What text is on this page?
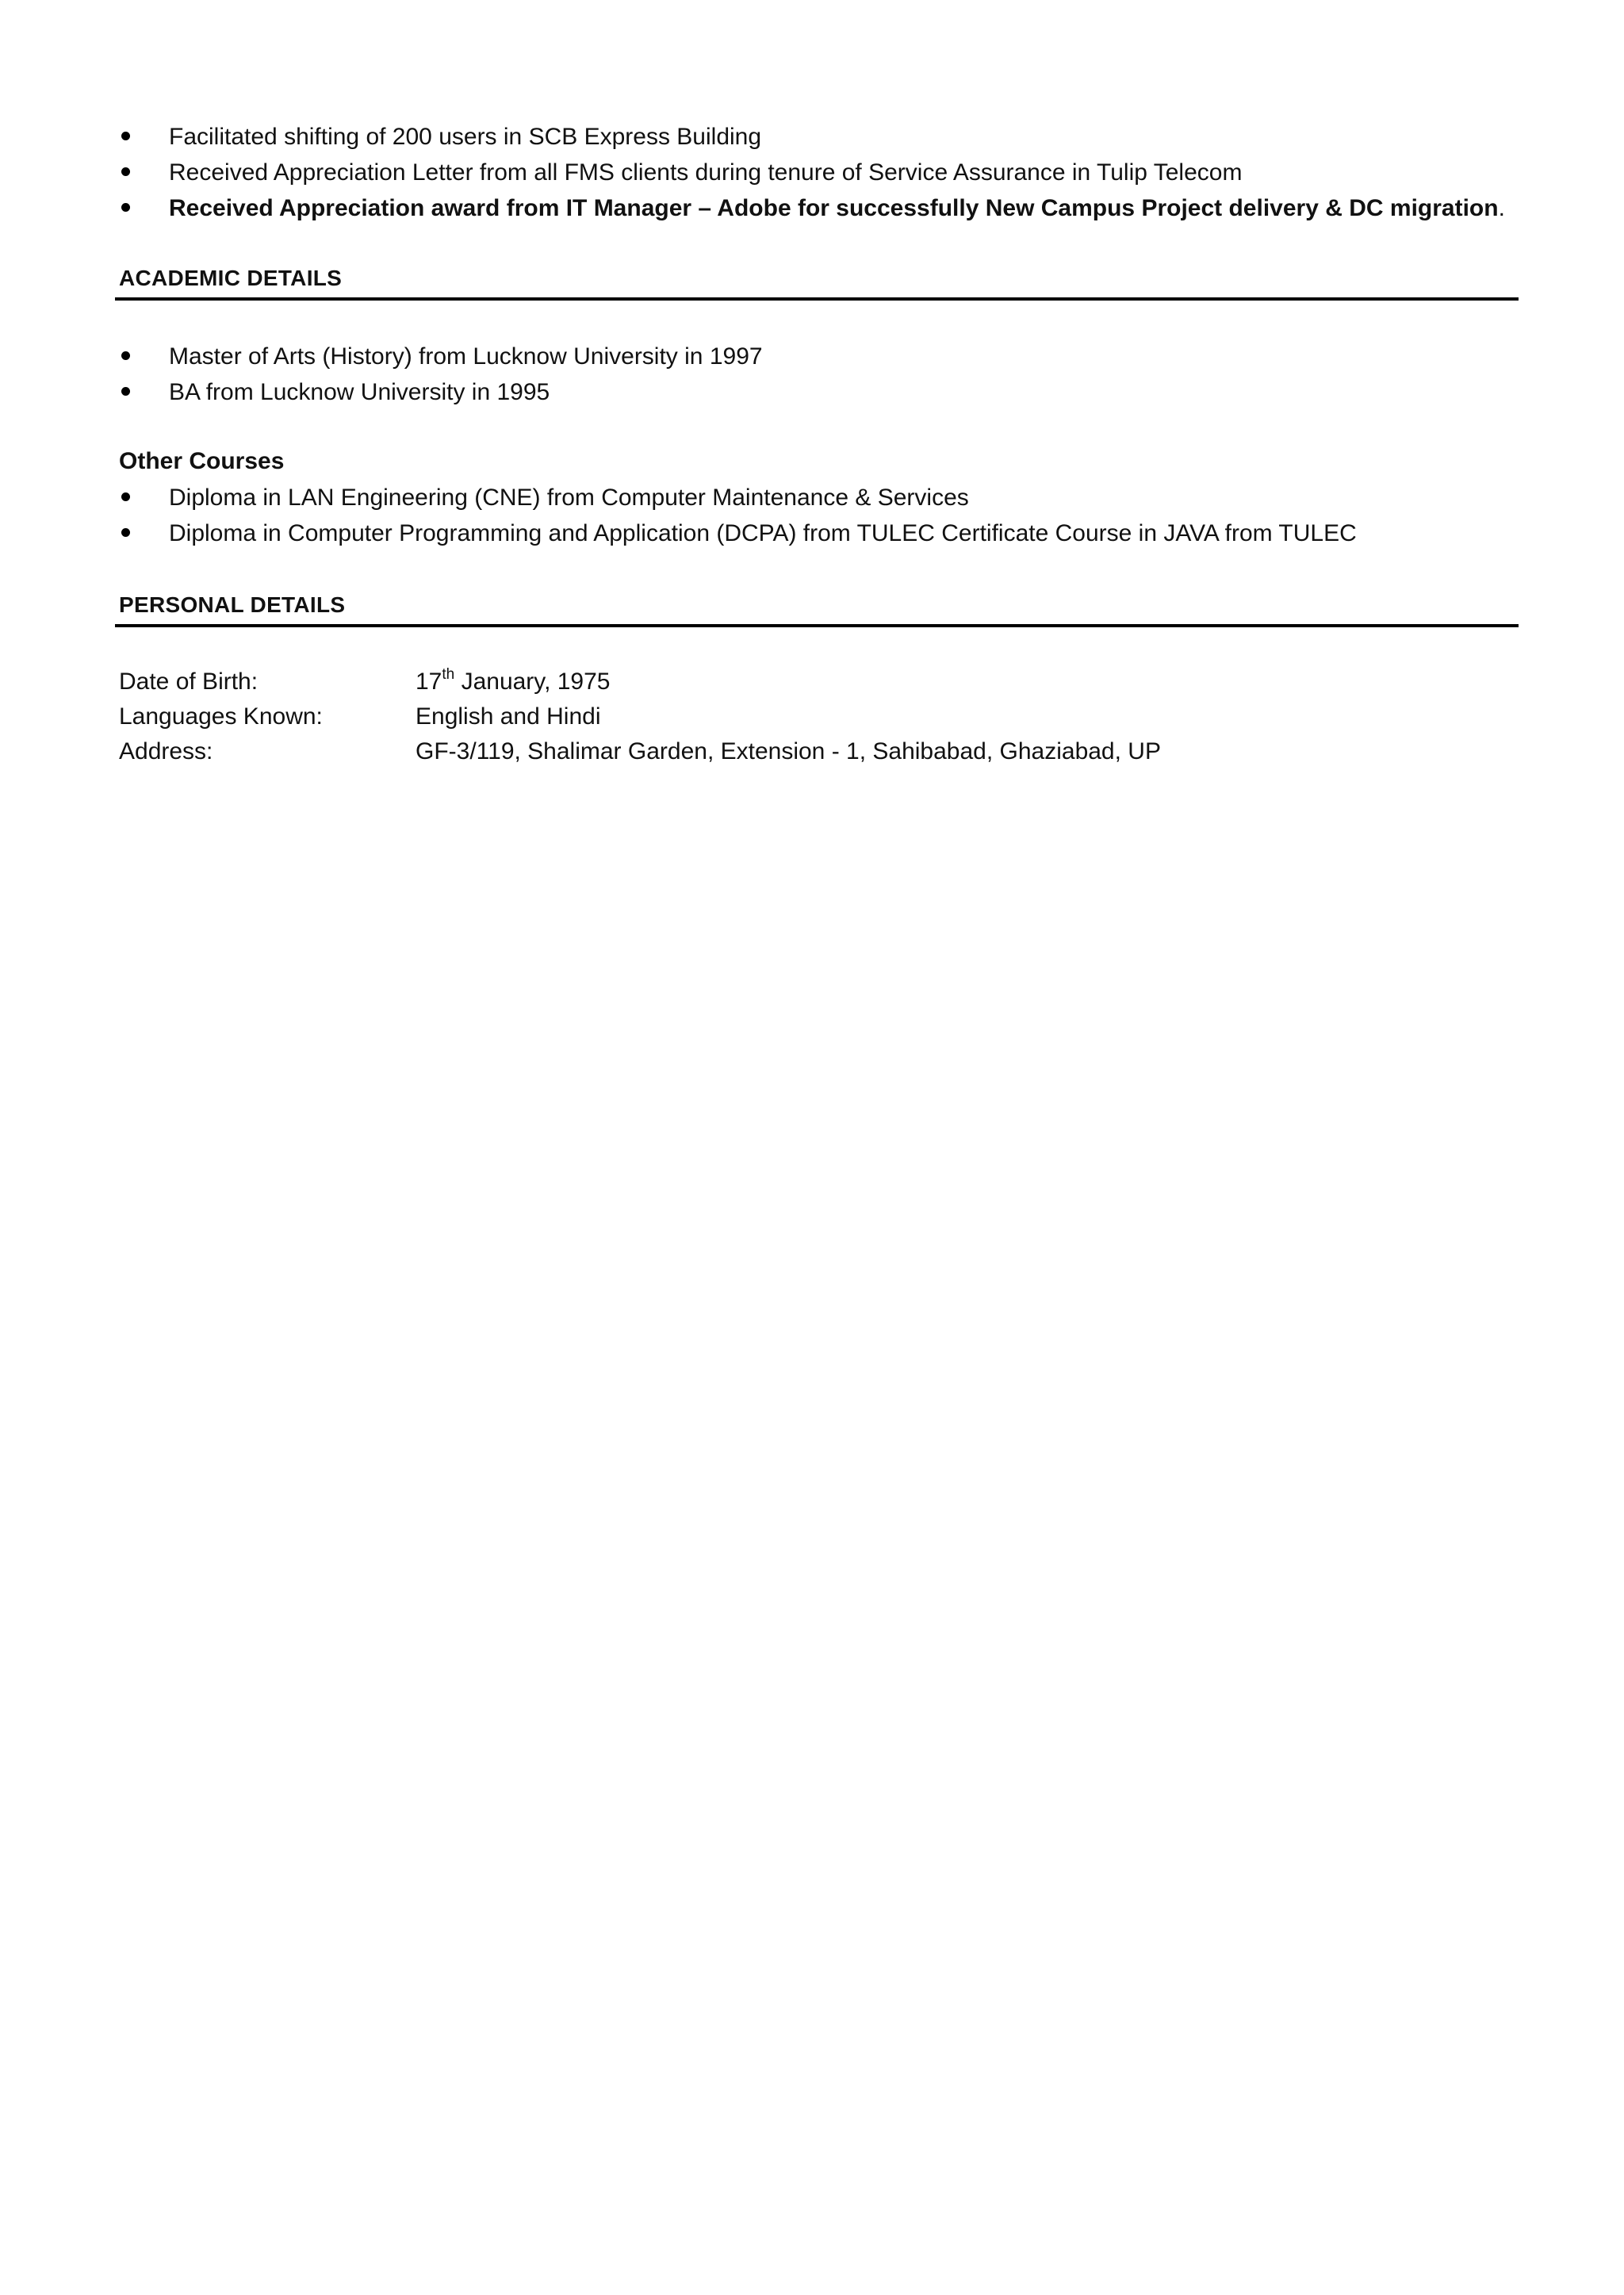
Facilitated shifting of 200 users in SCB Express Building
Received Appreciation Letter from all FMS clients during tenure of Service Assurance in Tulip Telecom
Received Appreciation award from IT Manager – Adobe for successfully New Campus Project delivery & DC migration.
ACADEMIC DETAILS
Master of Arts (History) from Lucknow University in 1997
BA from Lucknow University in 1995
Other Courses
Diploma in LAN Engineering (CNE) from Computer Maintenance & Services
Diploma in Computer Programming and Application (DCPA) from TULEC Certificate Course in JAVA from TULEC
PERSONAL DETAILS
Date of Birth:	17th January, 1975
Languages Known:	English and Hindi
Address:	GF-3/119, Shalimar Garden, Extension - 1, Sahibabad, Ghaziabad, UP
